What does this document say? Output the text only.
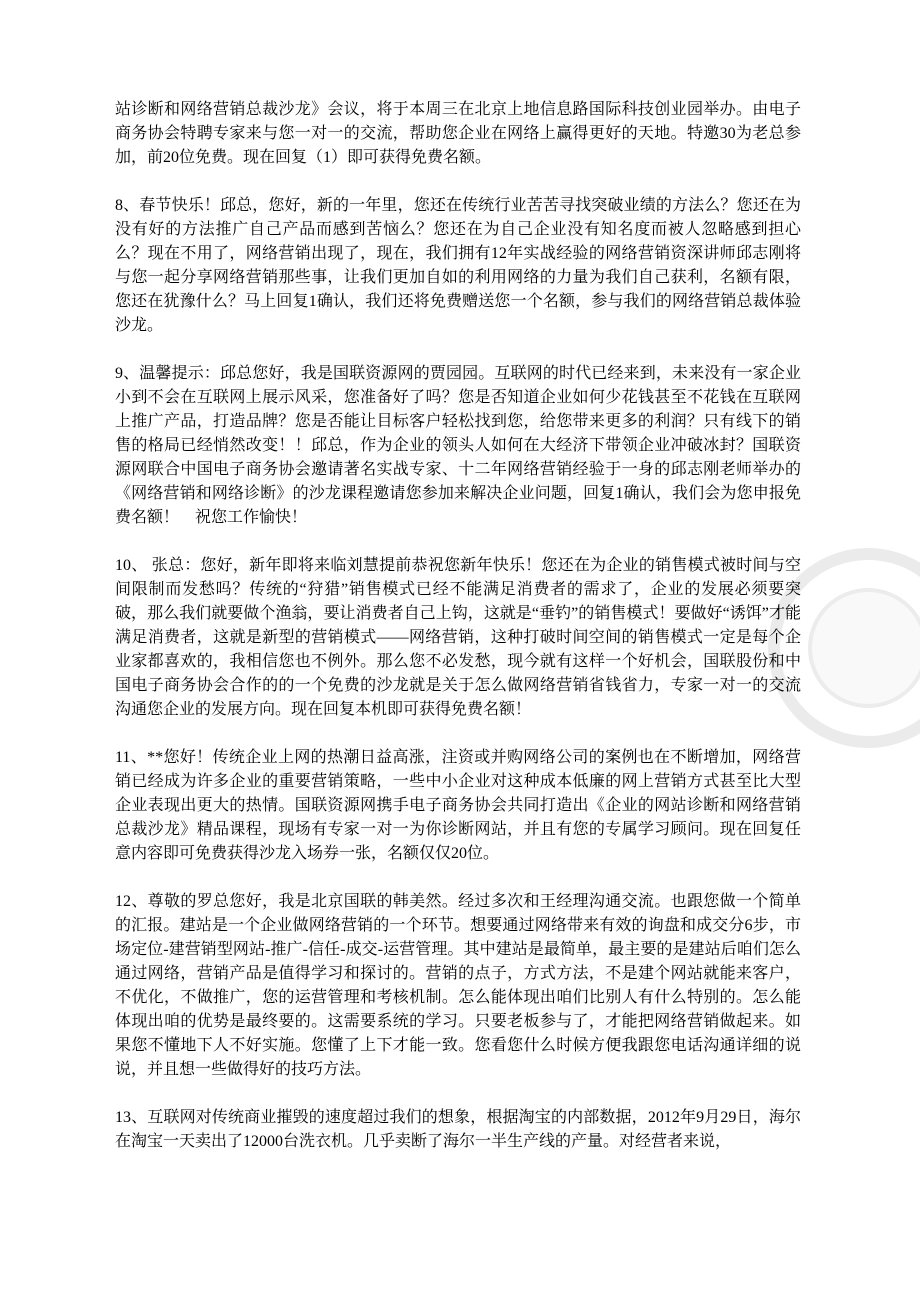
站诊断和网络营销总裁沙龙》会议，将于本周三在北京上地信息路国际科技创业园举办。由电子商务协会特聘专家来与您一对一的交流，帮助您企业在网络上赢得更好的天地。特邀30为老总参加，前20位免费。现在回复（1）即可获得免费名额。

8、春节快乐！邱总，您好，新的一年里，您还在传统行业苦苦寻找突破业绩的方法么？您还在为没有好的方法推广自己产品而感到苦恼么？您还在为自己企业没有知名度而被人忽略感到担心么？现在不用了，网络营销出现了，现在，我们拥有12年实战经验的网络营销资深讲师邱志刚将与您一起分享网络营销那些事，让我们更加自如的利用网络的力量为我们自己获利，名额有限，您还在犹豫什么？马上回复1确认，我们还将免费赠送您一个名额，参与我们的网络营销总裁体验沙龙。

9、温馨提示：邱总您好，我是国联资源网的贾园园。互联网的时代已经来到，未来没有一家企业小到不会在互联网上展示风采，您准备好了吗？您是否知道企业如何少花钱甚至不花钱在互联网上推广产品，打造品牌？您是否能让目标客户轻松找到您，给您带来更多的利润？只有线下的销售的格局已经悄然改变！！邱总，作为企业的领头人如何在大经济下带领企业冲破冰封？国联资源网联合中国电子商务协会邀请著名实战专家、十二年网络营销经验于一身的邱志刚老师举办的《网络营销和网络诊断》的沙龙课程邀请您参加来解决企业问题，回复1确认，我们会为您申报免费名额！　祝您工作愉快！

10、 张总：您好，新年即将来临刘慧提前恭祝您新年快乐！您还在为企业的销售模式被时间与空间限制而发愁吗？传统的“狩猎”销售模式已经不能满足消费者的需求了，企业的发展必须要突破，那么我们就要做个渔翁，要让消费者自己上钩，这就是“垂钓”的销售模式！要做好“诱饵”才能满足消费者，这就是新型的营销模式——网络营销，这种打破时间空间的销售模式一定是每个企业家都喜欢的，我相信您也不例外。那么您不必发愁，现今就有这样一个好机会，国联股份和中国电子商务协会合作的的一个免费的沙龙就是关于怎么做网络营销省钱省力，专家一对一的交流沟通您企业的发展方向。现在回复本机即可获得免费名额！

11、**您好！传统企业上网的热潮日益高涨，注资或并购网络公司的案例也在不断增加，网络营销已经成为许多企业的重要营销策略，一些中小企业对这种成本低廉的网上营销方式甚至比大型企业表现出更大的热情。国联资源网携手电子商务协会共同打造出《企业的网站诊断和网络营销总裁沙龙》精品课程，现场有专家一对一为你诊断网站，并且有您的专属学习顾问。现在回复任意内容即可免费获得沙龙入场券一张，名额仅仅20位。

12、尊敬的罗总您好，我是北京国联的韩美然。经过多次和王经理沟通交流。也跟您做一个简单的汇报。建站是一个企业做网络营销的一个环节。想要通过网络带来有效的询盘和成交分6步，市场定位-建营销型网站-推广-信任-成交-运营管理。其中建站是最简单，最主要的是建站后咱们怎么通过网络，营销产品是值得学习和探讨的。营销的点子，方式方法，不是建个网站就能来客户，不优化，不做推广，您的运营管理和考核机制。怎么能体现出咱们比别人有什么特别的。怎么能体现出咱的优势是最终要的。这需要系统的学习。只要老板参与了，才能把网络营销做起来。如果您不懂地下人不好实施。您懂了上下才能一致。您看您什么时候方便我跟您电话沟通详细的说说，并且想一些做得好的技巧方法。

13、互联网对传统商业摧毁的速度超过我们的想象，根据淘宝的内部数据，2012年9月29日，海尔在淘宝一天卖出了12000台洗衣机。几乎卖断了海尔一半生产线的产量。对经营者来说，
